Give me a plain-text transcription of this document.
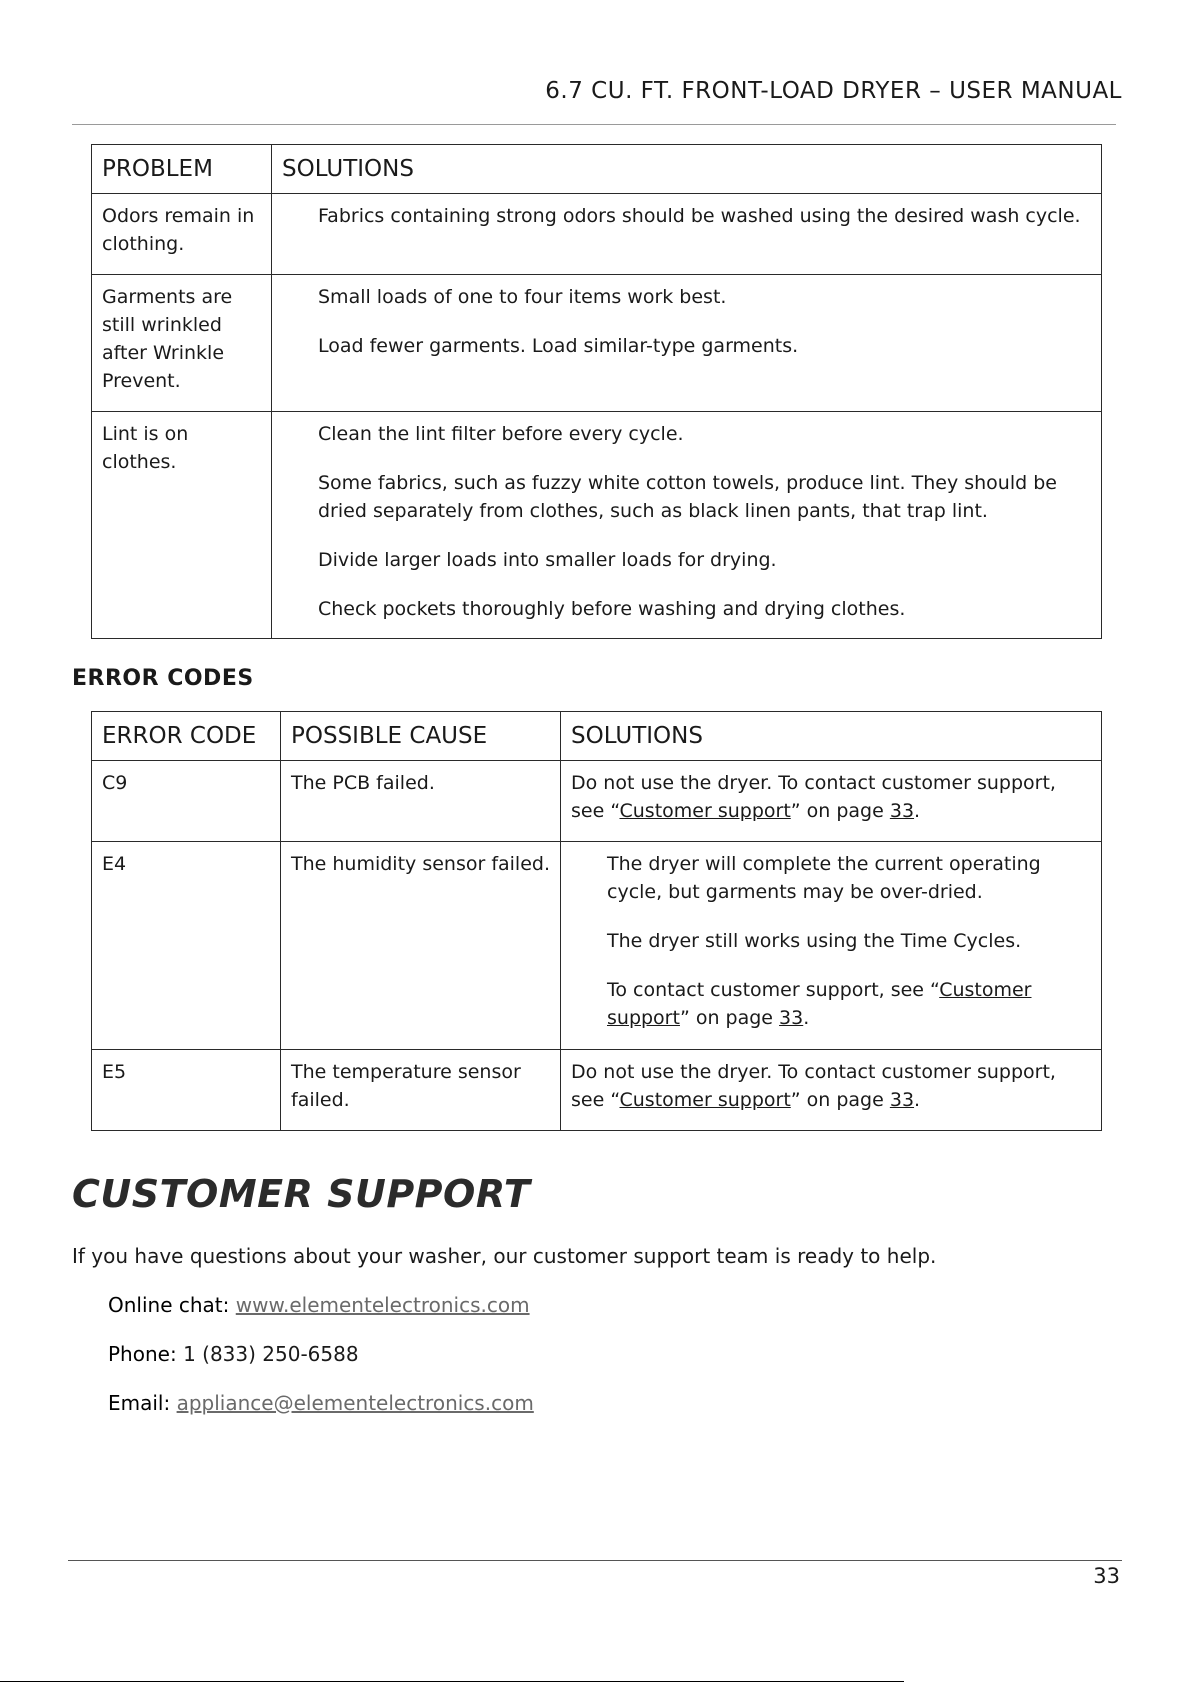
6.7 CU. FT. FRONT-LOAD DRYER – USER MANUAL
PROBLEM	SOLUTIONS

Odors remain in clothing.	Fabrics containing strong odors should be washed using the desired wash cycle.

Garments are still wrinkled after Wrinkle Prevent.	Small loads of one to four items work best.

Load fewer garments. Load similar-type garments.

Lint is on clothes.	Clean the lint filter before every cycle.

Some fabrics, such as fuzzy white cotton towels, produce lint. They should be dried separately from clothes, such as black linen pants, that trap lint.

Divide larger loads into smaller loads for drying.

Check pockets thoroughly before washing and drying clothes.

ERROR CODES
ERROR CODE	POSSIBLE CAUSE	SOLUTIONS

C9	The PCB failed.	Do not use the dryer. To contact customer support, see “Customer support” on page 33.

E4	The humidity sensor failed.	The dryer will complete the current operating cycle, but garments may be over-dried.

The dryer still works using the Time Cycles.

To contact customer support, see “Customer support” on page 33.

E5	The temperature sensor failed.	Do not use the dryer. To contact customer support, see “Customer support” on page 33.

CUSTOMER SUPPORT
If you have questions about your washer, our customer support team is ready to help.
Online chat: www.elementelectronics.com
Phone: 1 (833) 250-6588
Email: appliance@elementelectronics.com
33
